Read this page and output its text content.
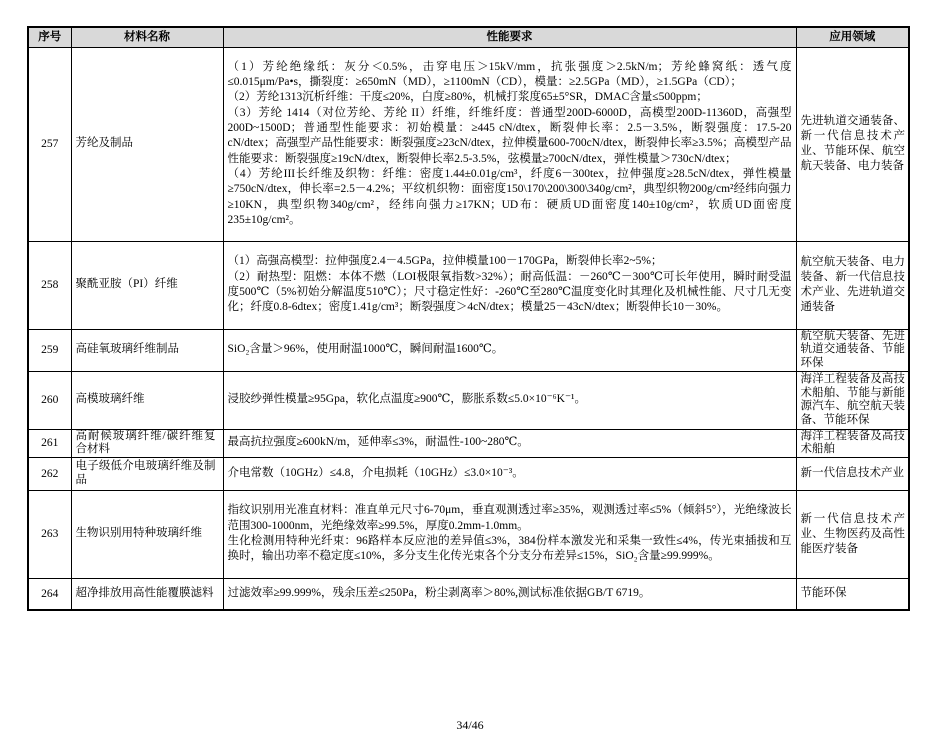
序号	材料名称	性能要求	应用领域
257	芳纶及制品	（1）芳纶绝缘纸：灰分＜0.5%，击穿电压＞15kV/mm，抗张强度＞2.5kN/m；芳纶蜂窝纸：透气度≤0.015μm/Pa•s，撕裂度：≥650mN（MD），≥1100mN（CD），模量：≥2.5GPa（MD），≥1.5GPa（CD）；
（2）芳纶1313沉析纤维：干度≤20%，白度≥80%，机械打浆度65±5°SR，DMAC含量≤500ppm；
（3）芳纶 1414（对位芳纶、芳纶 II）纤维，纤维纤度：普通型200D-6000D，高模型200D-11360D，高强型200D~1500D；普通型性能要求：初始模量：≥445 cN/dtex，断裂伸长率：2.5－3.5%，断裂强度：17.5-20 cN/dtex；高强型产品性能要求：断裂强度≥23cN/dtex，拉伸模量600-700cN/dtex，断裂伸长率≥3.5%；高模型产品性能要求：断裂强度≥19cN/dtex，断裂伸长率2.5-3.5%，弦模量≥700cN/dtex，弹性模量＞730cN/dtex；
（4）芳纶III长纤维及织物：纤维：密度1.44±0.01g/cm³，纤度6－300tex，拉伸强度≥28.5cN/dtex，弹性模量≥750cN/dtex，伸长率=2.5－4.2%；平纹机织物：面密度150\170\200\300\340g/cm²，典型织物200g/cm²经纬向强力≥10KN，典型织物340g/cm²，经纬向强力≥17KN；UD布：硬质UD面密度140±10g/cm²，软质UD面密度235±10g/cm²。	先进轨道交通装备、新一代信息技术产业、节能环保、航空航天装备、电力装备
258	聚酰亚胺（PI）纤维	（1）高强高模型：拉伸强度2.4－4.5GPa，拉伸模量100－170GPa，断裂伸长率2~5%；
（2）耐热型：阻燃：本体不燃（LOI极限氧指数>32%）；耐高低温：－260℃－300℃可长年使用，瞬时耐受温度500℃（5%初始分解温度510℃）；尺寸稳定性好：-260℃至280℃温度变化时其理化及机械性能、尺寸几无变化；纤度0.8-6dtex；密度1.41g/cm³；断裂强度＞4cN/dtex；模量25－43cN/dtex；断裂伸长10－30%。	航空航天装备、电力装备、新一代信息技术产业、先进轨道交通装备
259	高硅氧玻璃纤维制品	SiO₂含量＞96%，使用耐温1000℃，瞬间耐温1600℃。	航空航天装备、先进轨道交通装备、节能环保
260	高模玻璃纤维	浸胶纱弹性模量≥95Gpa，软化点温度≥900℃，膨胀系数≤5.0×10⁻⁶K⁻¹。	海洋工程装备及高技术船舶、节能与新能源汽车、航空航天装备、节能环保
261	高耐候玻璃纤维/碳纤维复合材料	最高抗拉强度≥600kN/m，延伸率≤3%，耐温性-100~280℃。	海洋工程装备及高技术船舶
262	电子级低介电玻璃纤维及制品	介电常数（10GHz）≤4.8，介电损耗（10GHz）≤3.0×10⁻³。	新一代信息技术产业
263	生物识别用特种玻璃纤维	指纹识别用光准直材料：准直单元尺寸6-70μm，垂直观测透过率≥35%，观测透过率≤5%（倾斜5°），光绝缘波长范围300-1000nm，光绝缘效率≥99.5%，厚度0.2mm-1.0mm。
生化检测用特种光纤束：96路样本反应池的差异值≤3%，384份样本激发光和采集一致性≤4%，传光束插拔和互换时，输出功率不稳定度≤10%，多分支生化传光束各个分支分布差异≤15%，SiO₂含量≥99.999%。	新一代信息技术产业、生物医药及高性能医疗装备
264	超净排放用高性能覆膜滤料	过滤效率≥99.999%，残余压差≤250Pa，粉尘剥离率＞80%,测试标准依据GB/T 6719。	节能环保
34/46
